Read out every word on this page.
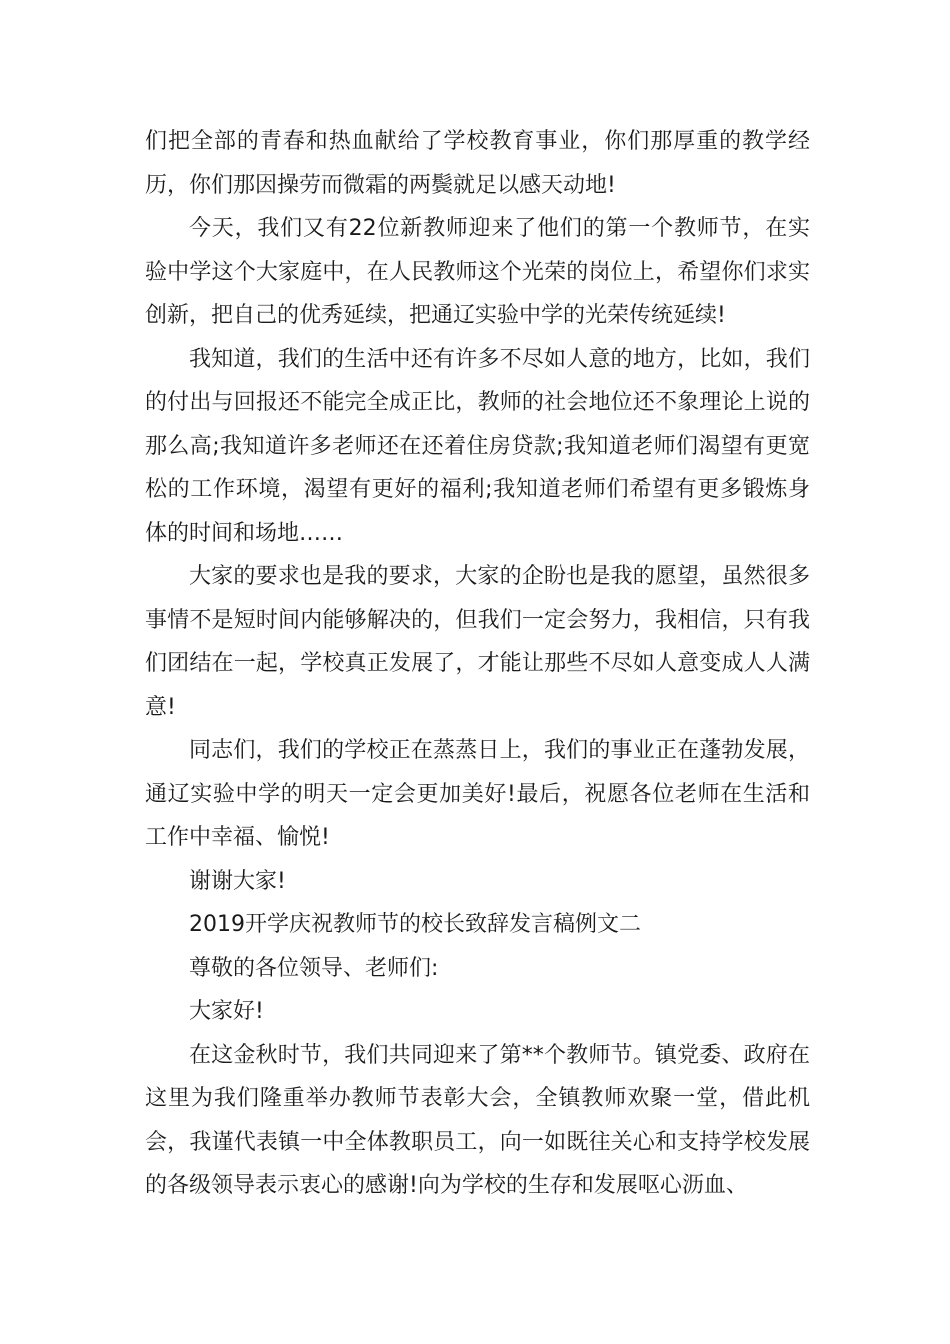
们把全部的青春和热血献给了学校教育事业，你们那厚重的教学经历，你们那因操劳而微霜的两鬓就足以感天动地!

今天，我们又有22位新教师迎来了他们的第一个教师节，在实验中学这个大家庭中，在人民教师这个光荣的岗位上，希望你们求实创新，把自己的优秀延续，把通辽实验中学的光荣传统延续!

我知道，我们的生活中还有许多不尽如人意的地方，比如，我们的付出与回报还不能完全成正比，教师的社会地位还不象理论上说的那么高;我知道许多老师还在还着住房贷款;我知道老师们渴望有更宽松的工作环境，渴望有更好的福利;我知道老师们希望有更多锻炼身体的时间和场地……

大家的要求也是我的要求，大家的企盼也是我的愿望，虽然很多事情不是短时间内能够解决的，但我们一定会努力，我相信，只有我们团结在一起，学校真正发展了，才能让那些不尽如人意变成人人满意!

同志们，我们的学校正在蒸蒸日上，我们的事业正在蓬勃发展，通辽实验中学的明天一定会更加美好!最后，祝愿各位老师在生活和工作中幸福、愉悦!

谢谢大家!

2019开学庆祝教师节的校长致辞发言稿例文二

尊敬的各位领导、老师们:

大家好!

在这金秋时节，我们共同迎来了第**个教师节。镇党委、政府在这里为我们隆重举办教师节表彰大会，全镇教师欢聚一堂，借此机会，我谨代表镇一中全体教职员工，向一如既往关心和支持学校发展的各级领导表示衷心的感谢!向为学校的生存和发展呕心沥血、
